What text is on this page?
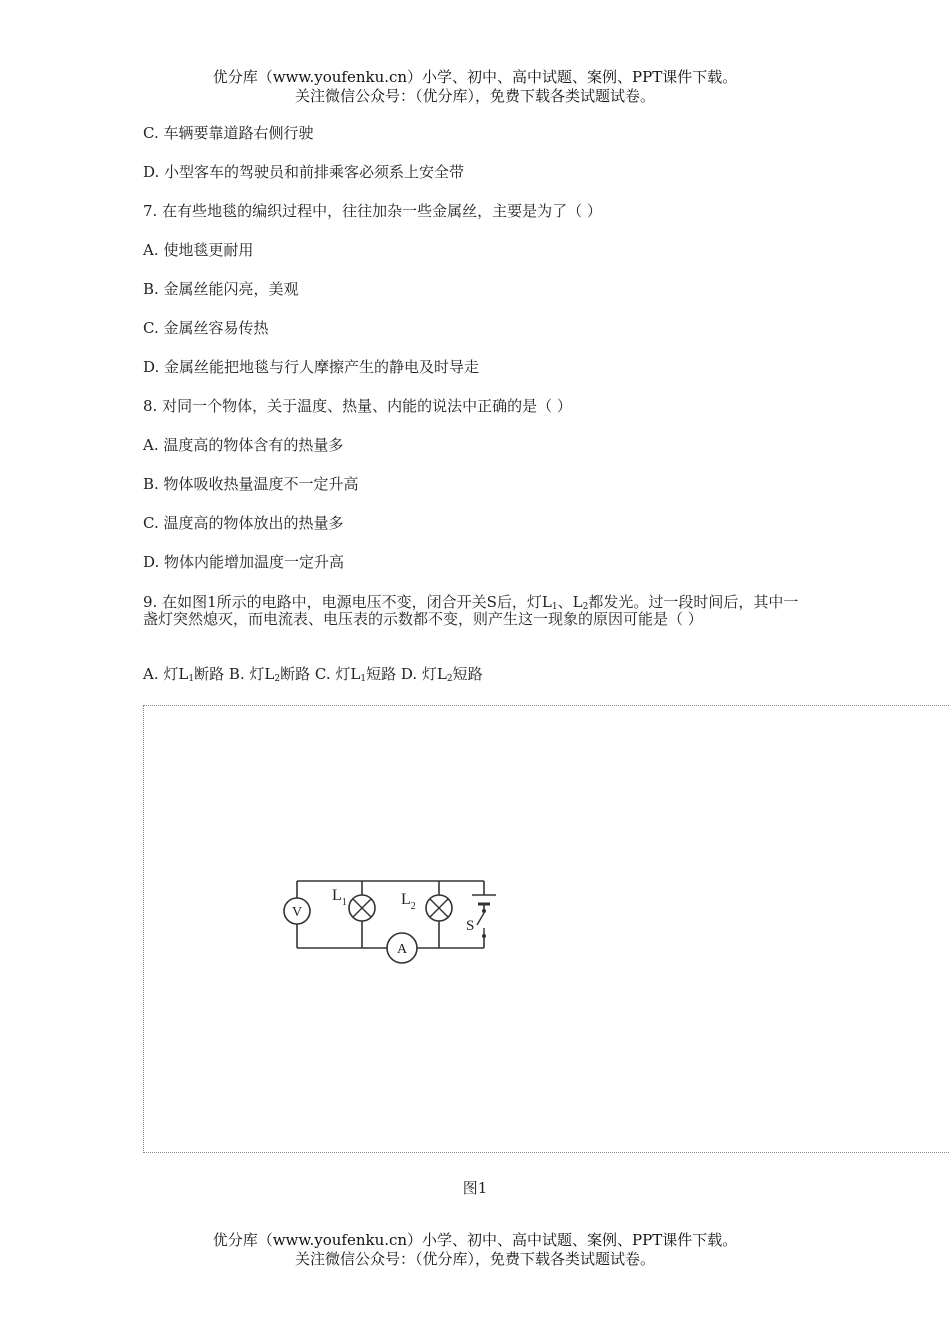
优分库（www.youfenku.cn）小学、初中、高中试题、案例、PPT课件下载。
关注微信公众号：（优分库），免费下载各类试题试卷。
C. 车辆要靠道路右侧行驶
D. 小型客车的驾驶员和前排乘客必须系上安全带
7. 在有些地毯的编织过程中，往往加杂一些金属丝，主要是为了（ ）
A. 使地毯更耐用
B. 金属丝能闪亮，美观
C. 金属丝容易传热
D. 金属丝能把地毯与行人摩擦产生的静电及时导走
8. 对同一个物体，关于温度、热量、内能的说法中正确的是（ ）
A. 温度高的物体含有的热量多
B. 物体吸收热量温度不一定升高
C. 温度高的物体放出的热量多
D. 物体内能增加温度一定升高
9. 在如图1所示的电路中，电源电压不变，闭合开关S后，灯$L_1$、$L_2$都发光。过一段时间后，其中一盏灯突然熄灭，而电流表、电压表的示数都不变，则产生这一现象的原因可能是（ ）
A. 灯$L_1$断路 B. 灯$L_2$断路 C. 灯$L_1$短路 D. 灯$L_2$短路
V
$L_1$	$L_2$
S
A
图1
优分库（www.youfenku.cn）小学、初中、高中试题、案例、PPT课件下载。
关注微信公众号：（优分库），免费下载各类试题试卷。
